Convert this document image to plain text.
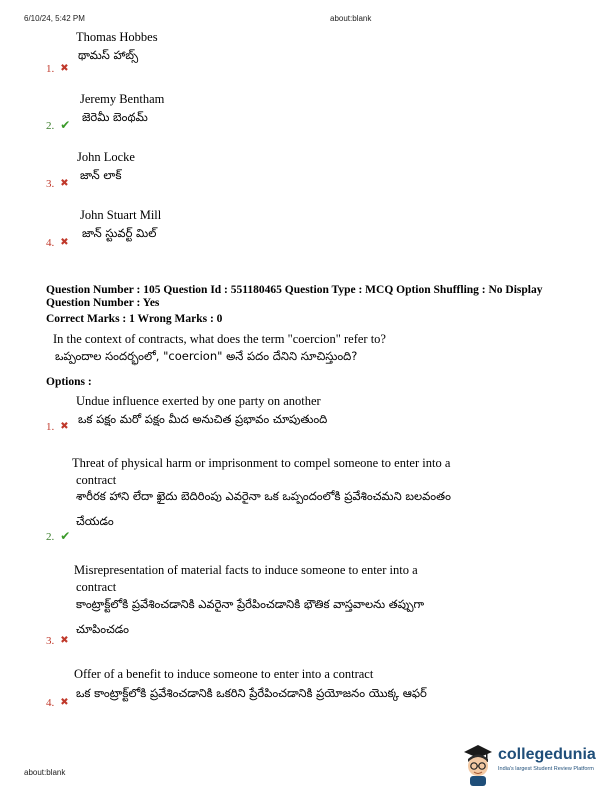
6/10/24, 5:42 PM	about:blank
Thomas Hobbes
థామస్ హాబ్స్
1. ✖
Jeremy Bentham
జెరెమీ బెంథమ్
2. ✔
John Locke
జాన్ లాక్
3. ✖
John Stuart Mill
జాన్ స్టువర్ట్ మిల్
4. ✖
Question Number : 105 Question Id : 551180465 Question Type : MCQ Option Shuffling : No Display
Question Number : Yes
Correct Marks : 1 Wrong Marks : 0
In the context of contracts, what does the term "coercion" refer to?
ఒప్పందాల సందర్భంలో, "coercion" అనే పదం దేనిని సూచిస్తుంది?
Options :
Undue influence exerted by one party on another
ఒక పక్షం మరో పక్షం మీద అనుచిత ప్రభావం చూపుతుంది
1. ✖
Threat of physical harm or imprisonment to compel someone to enter into a
contract
శారీరక హాని లేదా ఖైదు బెదిరింపు ఎవరైనా ఒక ఒప్పందంలోకి ప్రవేశించమని బలవంతం
చేయడం
2. ✔
Misrepresentation of material facts to induce someone to enter into a
contract
కాంట్రాక్ట్‌లోకి ప్రవేశించడానికి ఎవరైనా ప్రేరేపించడానికి భౌతిక వాస్తవాలను తప్పుగా
చూపించడం
3. ✖
Offer of a benefit to induce someone to enter into a contract
ఒక కాంట్రాక్ట్‌లోకి ప్రవేశించడానికి ఒకరిని ప్రేరేపించడానికి ప్రయోజనం యొక్క ఆఫర్
4. ✖
about:blank
collegedunia
India's largest Student Review Platform
